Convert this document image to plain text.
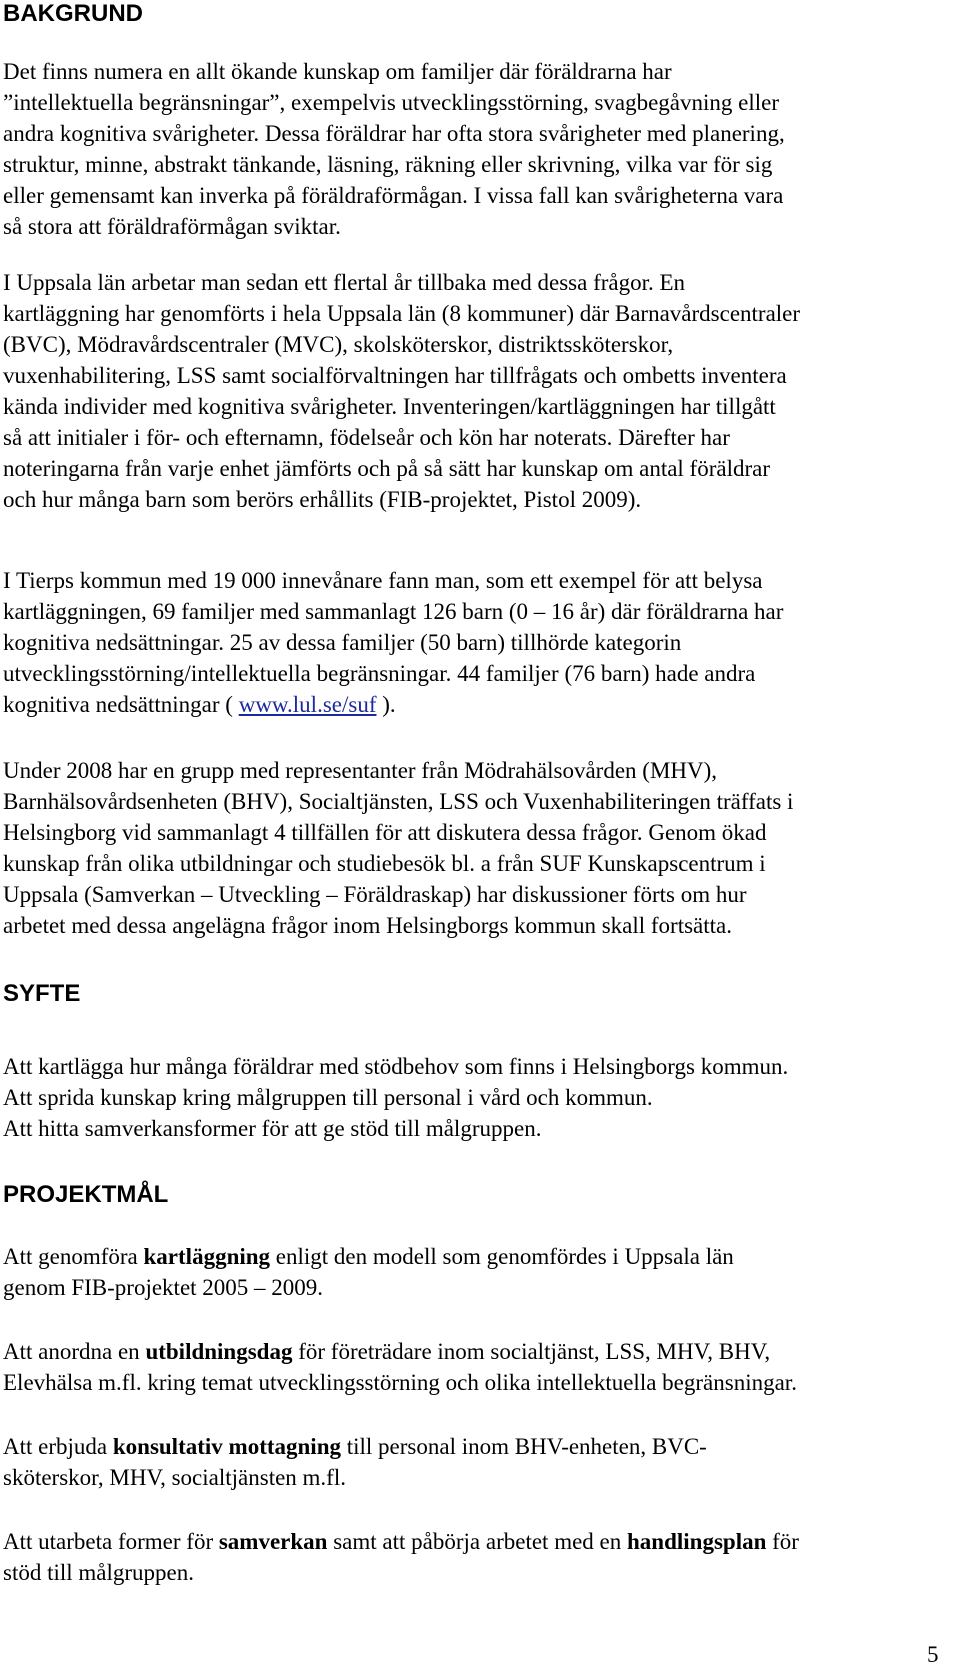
BAKGRUND
Det finns numera en allt ökande kunskap om familjer där föräldrarna har
”intellektuella begränsningar”, exempelvis utvecklingsstörning, svagbegåvning eller
andra kognitiva svårigheter. Dessa föräldrar har ofta stora svårigheter med planering,
struktur, minne, abstrakt tänkande, läsning, räkning eller skrivning, vilka var för sig
eller gemensamt kan inverka på föräldraförmågan. I vissa fall kan svårigheterna vara
så stora att föräldraförmågan sviktar.
I Uppsala län arbetar man sedan ett flertal år tillbaka med dessa frågor. En
kartläggning har genomförts i hela Uppsala län (8 kommuner) där Barnavårdscentraler
(BVC), Mödravårdscentraler (MVC), skolsköterskor, distriktssköterskor,
vuxenhabilitering, LSS samt socialförvaltningen har tillfrågats och ombetts inventera
kända individer med kognitiva svårigheter. Inventeringen/kartläggningen har tillgått
så att initialer i för- och efternamn, födelseår och kön har noterats. Därefter har
noteringarna från varje enhet jämförts och på så sätt har kunskap om antal föräldrar
och hur många barn som berörs erhållits (FIB-projektet, Pistol 2009).
I Tierps kommun med 19 000 innevånare fann man, som ett exempel för att belysa
kartläggningen, 69 familjer med sammanlagt 126 barn (0 – 16 år) där föräldrarna har
kognitiva nedsättningar. 25 av dessa familjer (50 barn) tillhörde kategorin
utvecklingsstörning/intellektuella begränsningar. 44 familjer (76 barn) hade andra
kognitiva nedsättningar ( www.lul.se/suf ).
Under 2008 har en grupp med representanter från Mödrahälsovården (MHV),
Barnhälsovårdsenheten (BHV), Socialtjänsten, LSS och Vuxenhabiliteringen träffats i
Helsingborg vid sammanlagt 4 tillfällen för att diskutera dessa frågor. Genom ökad
kunskap från olika utbildningar och studiebesök bl. a från SUF Kunskapscentrum i
Uppsala (Samverkan – Utveckling – Föräldraskap) har diskussioner förts om hur
arbetet med dessa angelägna frågor inom Helsingborgs kommun skall fortsätta.
SYFTE
Att kartlägga hur många föräldrar med stödbehov som finns i Helsingborgs kommun.
Att sprida kunskap kring målgruppen till personal i vård och kommun.
Att hitta samverkansformer för att ge stöd till målgruppen.
PROJEKTMÅL
Att genomföra kartläggning enligt den modell som genomfördes i Uppsala län
genom FIB-projektet 2005 – 2009.
Att anordna en utbildningsdag för företrädare inom socialtjänst, LSS, MHV, BHV,
Elevhälsa m.fl. kring temat utvecklingsstörning och olika intellektuella begränsningar.
Att erbjuda konsultativ mottagning till personal inom BHV-enheten, BVC-
sköterskor, MHV, socialtjänsten m.fl.
Att utarbeta former för samverkan samt att påbörja arbetet med en handlingsplan för
stöd till målgruppen.
5
